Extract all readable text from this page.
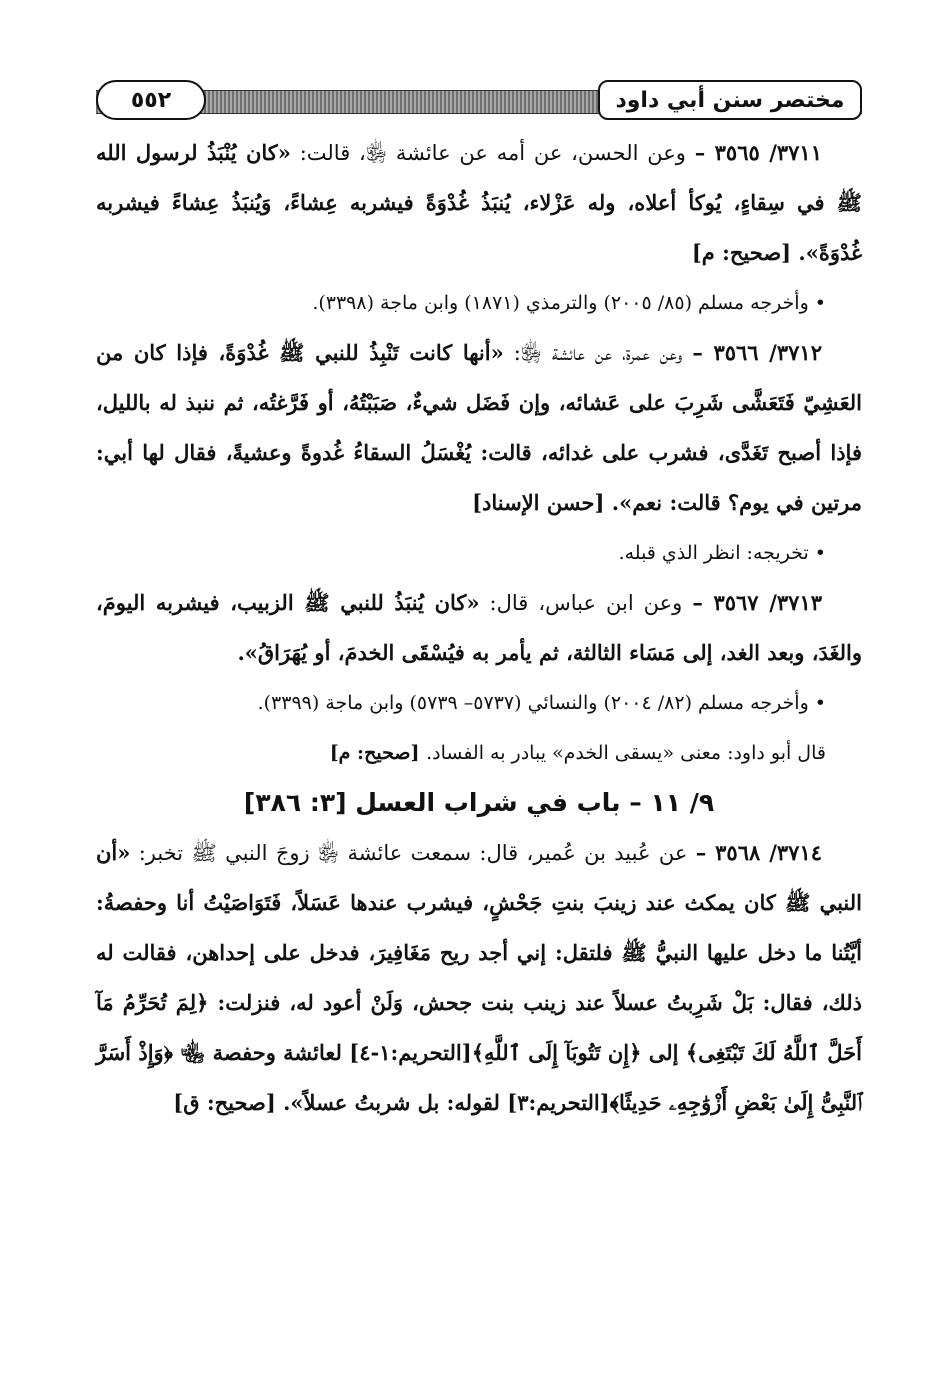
مختصر سنن أبي داود
٥٥٢

٣٧١١/ ٣٥٦٥ – وعن الحسن، عن أمه عن عائشة ﵂، قالت: «كان يُنْبَذُ لرسول الله ﷺ في سِقاءٍ، يُوكأ أعلاه، وله عَزْلاء، يُنبَذُ غُدْوَةً فيشربه عِشاءً، وَيُنبَذُ عِشاءً فيشربه غُدْوَةً». [صحيح: م]

• وأخرجه مسلم (٨٥/ ٢٠٠٥) والترمذي (١٨٧١) وابن ماجة (٣٣٩٨).

٣٧١٢/ ٣٥٦٦ – وعن عمرة، عن عائشة ﵂: «أنها كانت تَنْبِذُ للنبي ﷺ غُدْوَةً، فإذا كان من العَشِيّ فَتَعَشَّى شَرِبَ على عَشائه، وإن فَضَل شيءٌ، صَبَبْتُهُ، أو فَرَّغتُه، ثم ننبذ له بالليل، فإذا أصبح تَغَدَّى، فشرب على غدائه، قالت: يُغْسَلُ السقاءُ غُدوةً وعشيةً، فقال لها أبي: مرتين في يوم؟ قالت: نعم». [حسن الإسناد]

• تخريجه: انظر الذي قبله.

٣٧١٣/ ٣٥٦٧ – وعن ابن عباس، قال: «كان يُنبَذُ للنبي ﷺ الزبيب، فيشربه اليومَ، والغَدَ، وبعد الغد، إلى مَسَاء الثالثة، ثم يأمر به فيُسْقَى الخدمَ، أو يُهَرَاقُ».

• وأخرجه مسلم (٨٢/ ٢٠٠٤) والنسائي (٥٧٣٧– ٥٧٣٩) وابن ماجة (٣٣٩٩).

قال أبو داود: معنى «يسقى الخدم» يبادر به الفساد. [صحيح: م]

٩/ ١١ – باب في شراب العسل [٣: ٣٨٦]

٣٧١٤/ ٣٥٦٨ – عن عُبيد بن عُمير، قال: سمعت عائشة ﵂ زوجَ النبي ﷺ تخبر: «أن النبي ﷺ كان يمكث عند زينبَ بنتِ جَحْشٍ، فيشرب عندها عَسَلاً، فَتَوَاصَيْتُ أنا وحفصةُ: أيَّتُنا ما دخل عليها النبيُّ ﷺ فلتقل: إني أجد ريح مَغَافِيرَ، فدخل على إحداهن، فقالت له ذلك، فقال: بَلْ شَرِبتُ عسلاً عند زينب بنت جحش، وَلَنْ أعود له، فنزلت: ﴿لِمَ تُحَرِّمُ مَآ أَحَلَّ ٱللَّهُ لَكَ تَبْتَغِى﴾ إلى ﴿إِن تَتُوبَآ إِلَى ٱللَّهِ﴾[التحريم:١-٤] لعائشة وحفصة ﵄ ﴿وَإِذْ أَسَرَّ ٱلنَّبِىُّ إِلَىٰ بَعْضِ أَزْوَٰجِهِۦ حَدِيثًا﴾[التحريم:٣] لقوله: بل شربتُ عسلاً». [صحيح: ق]
